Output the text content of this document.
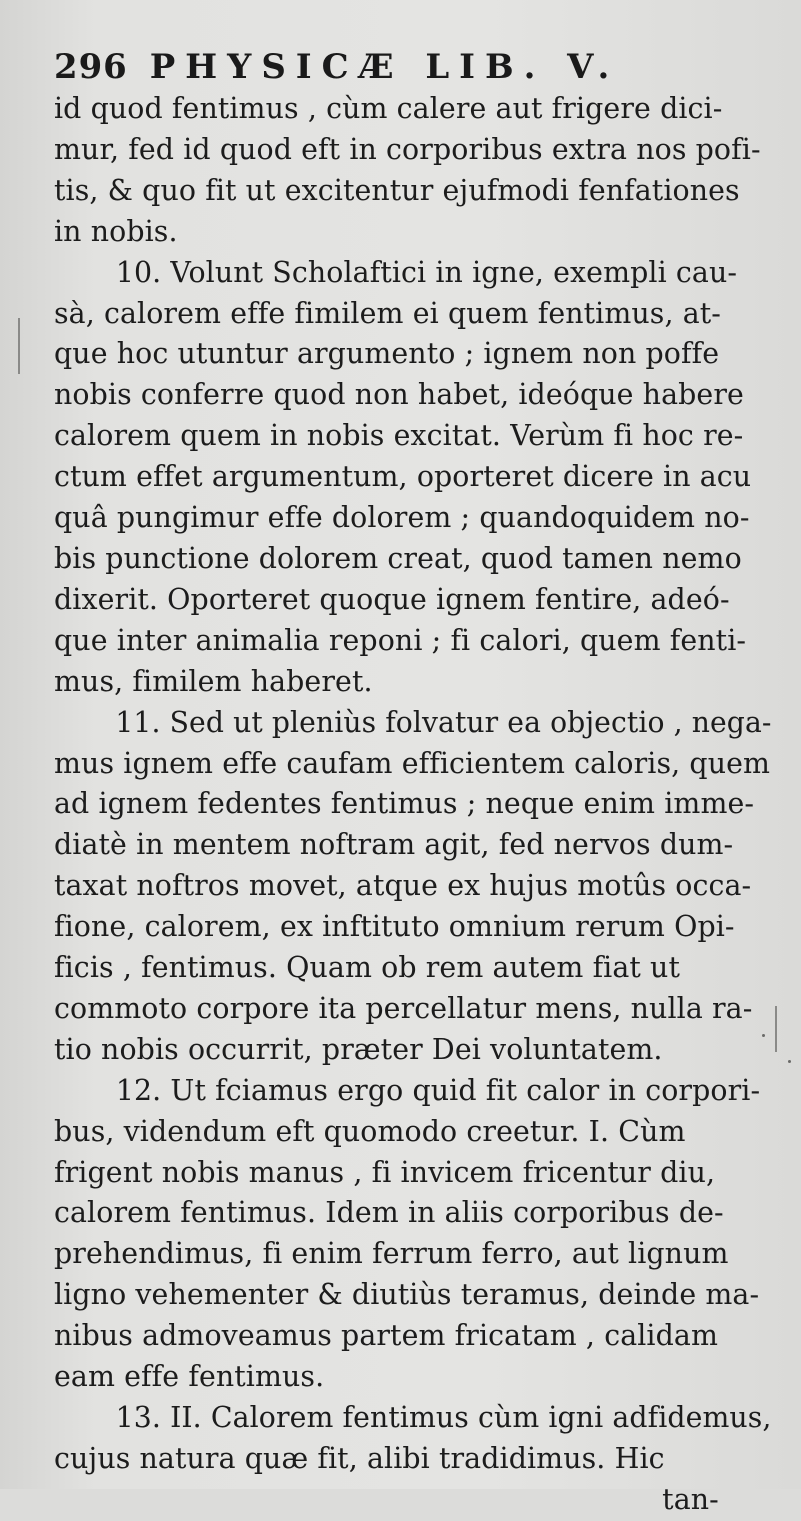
296 PHYSICÆ LIB. V.
id quod fentimus , cùm calere aut frigere dici-
mur, fed id quod eft in corporibus extra nos pofi-
tis, & quo fit ut excitentur ejufmodi fenfationes
in nobis.
10. Volunt Scholaftici in igne, exempli cau-
sà, calorem effe fimilem ei quem fentimus, at-
que hoc utuntur argumento ; ignem non poffe
nobis conferre quod non habet, ideóque habere
calorem quem in nobis excitat. Verùm fi hoc re-
ctum effet argumentum, oporteret dicere in acu
quâ pungimur effe dolorem ; quandoquidem no-
bis punctione dolorem creat, quod tamen nemo
dixerit. Oporteret quoque ignem fentire, adeó-
que inter animalia reponi ; fi calori, quem fenti-
mus, fimilem haberet.
11. Sed ut pleniùs folvatur ea objectio , nega-
mus ignem effe caufam efficientem caloris, quem
ad ignem fedentes fentimus ; neque enim imme-
diatè in mentem noftram agit, fed nervos dum-
taxat noftros movet, atque ex hujus motûs occa-
fione, calorem, ex inftituto omnium rerum Opi-
ficis , fentimus. Quam ob rem autem fiat ut
commoto corpore ita percellatur mens, nulla ra-
tio nobis occurrit, præter Dei voluntatem.
12. Ut fciamus ergo quid fit calor in corpori-
bus, videndum eft quomodo creetur. I. Cùm
frigent nobis manus , fi invicem fricentur diu,
calorem fentimus. Idem in aliis corporibus de-
prehendimus, fi enim ferrum ferro, aut lignum
ligno vehementer & diutiùs teramus, deinde ma-
nibus admoveamus partem fricatam , calidam
eam effe fentimus.
13. II. Calorem fentimus cùm igni adfidemus,
cujus natura quæ fit, alibi tradidimus. Hic
tan-
